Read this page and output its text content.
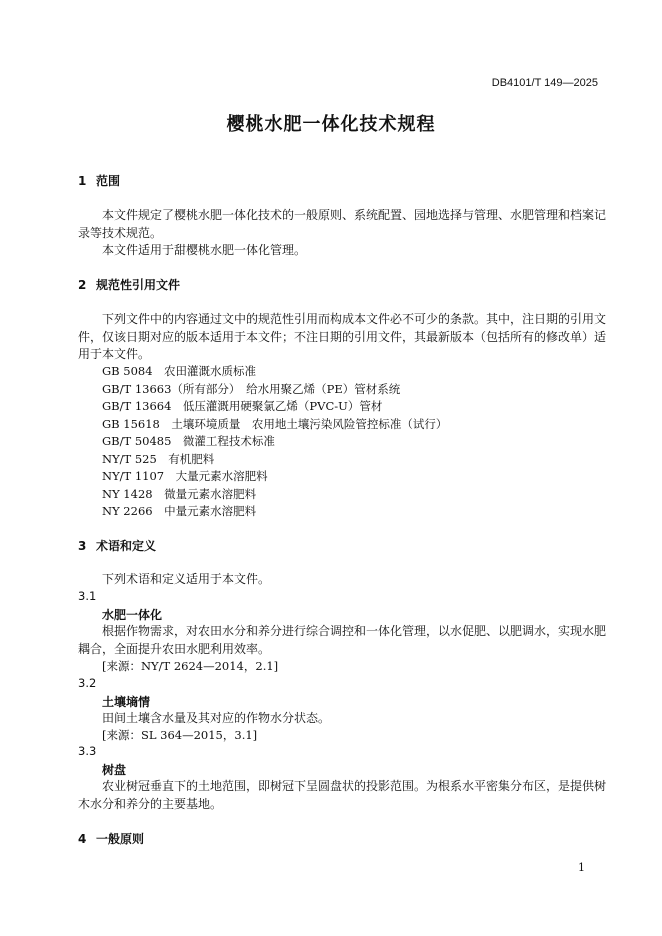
DB4101/T 149—2025

樱桃水肥一体化技术规程
1 范围

本文件规定了樱桃水肥一体化技术的一般原则、系统配置、园地选择与管理、水肥管理和档案记录等技术规范。

本文件适用于甜樱桃水肥一体化管理。

2 规范性引用文件

下列文件中的内容通过文中的规范性引用而构成本文件必不可少的条款。其中，注日期的引用文件，仅该日期对应的版本适用于本文件；不注日期的引用文件，其最新版本（包括所有的修改单）适用于本文件。

GB 5084　农田灌溉水质标准
GB/T 13663（所有部分）　给水用聚乙烯（PE）管材系统
GB/T 13664　低压灌溉用硬聚氯乙烯（PVC-U）管材
GB 15618　土壤环境质量　农用地土壤污染风险管控标准（试行）
GB/T 50485　微灌工程技术标准
NY/T 525　有机肥料
NY/T 1107　大量元素水溶肥料
NY 1428　微量元素水溶肥料
NY 2266　中量元素水溶肥料
3 术语和定义

下列术语和定义适用于本文件。

3.1
水肥一体化

根据作物需求，对农田水分和养分进行综合调控和一体化管理，以水促肥、以肥调水，实现水肥耦合，全面提升农田水肥利用效率。

[来源：NY/T 2624—2014，2.1]
3.2
土壤墒情

田间土壤含水量及其对应的作物水分状态。

[来源：SL 364—2015，3.1]
3.3
树盘

农业树冠垂直下的土地范围，即树冠下呈圆盘状的投影范围。为根系水平密集分布区，是提供树木水分和养分的主要基地。

4 一般原则
1
